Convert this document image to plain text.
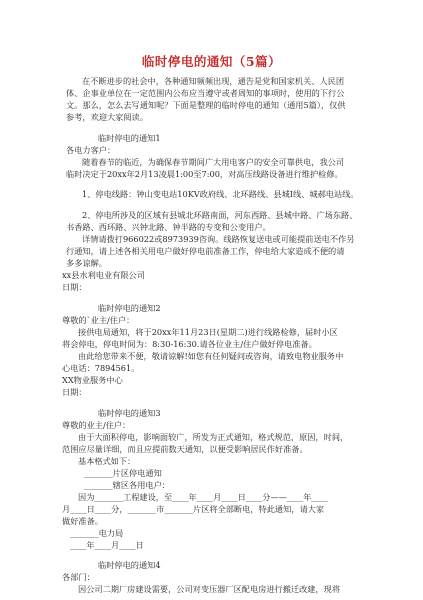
临时停电的通知（5篇）
在不断进步的社会中，各种通知频频出现，通告是党和国家机关、人民团
体、企事业单位在一定范围内公布应当遵守或者周知的事项时，使用的下行公
文。那么，怎么去写通知呢？下面是整理的临时停电的通知（通用5篇），仅供
参考，欢迎大家阅读。
临时停电的通知1
各电力客户：
随着春节的临近，为确保春节期间广大用电客户的安全可靠供电，我公司
临时决定于20xx年2月13凌晨1:00至7:00，对高压线路设备进行维护检修。
1、停电线路：钟山变电站10KV政府线、北环路线、县城Ⅰ线、城郝电站线。
2、停电所涉及的区域有县城北环路南面，河东西路、县城中路、广场东路、
书香路、西环路、兴钟北路、钟半路的专变和公变用户。
详情请拨打966022或8973939咨询。线路恢复送电或可能提前送电不作另
行通知，请上述各相关用电户做好停电前准备工作，停电给大家造成不便的请
多多谅解。
xx县水利电业有限公司
日期：
临时停电的通知2
尊敬的`业主/住户：
接供电局通知，将于20xx年11月23日(星期二)进行线路检修，届时小区
将会停电，停电时间为：8:30-16:30.请各位业主/住户做好停电准备。
由此给您带来不便，敬请谅解!如您有任何疑问或咨询，请致电物业服务中
心电话：7894561。
XX物业服务中心
日期：
临时停电的通知3
尊敬的业主/住户：
由于大面积停电，影响面较广，所发为正式通知，格式规范，原因，时间，
范围应尽量详细，而且应提前数天通知，以便受影响居民作好准备。
基本格式如下：
_______片区停电通知
_______辖区各用电户：
因为_______工程建设，至____年____月____日____分——____年____
月____日____分，_______市_______片区将全部断电，特此通知，请大家
做好准备。
_______电力局
____年____月____日
临时停电的通知4
各部门：
因公司二期厂房建设需要，公司对变压器厂区配电房进行搬迁改建，现将
